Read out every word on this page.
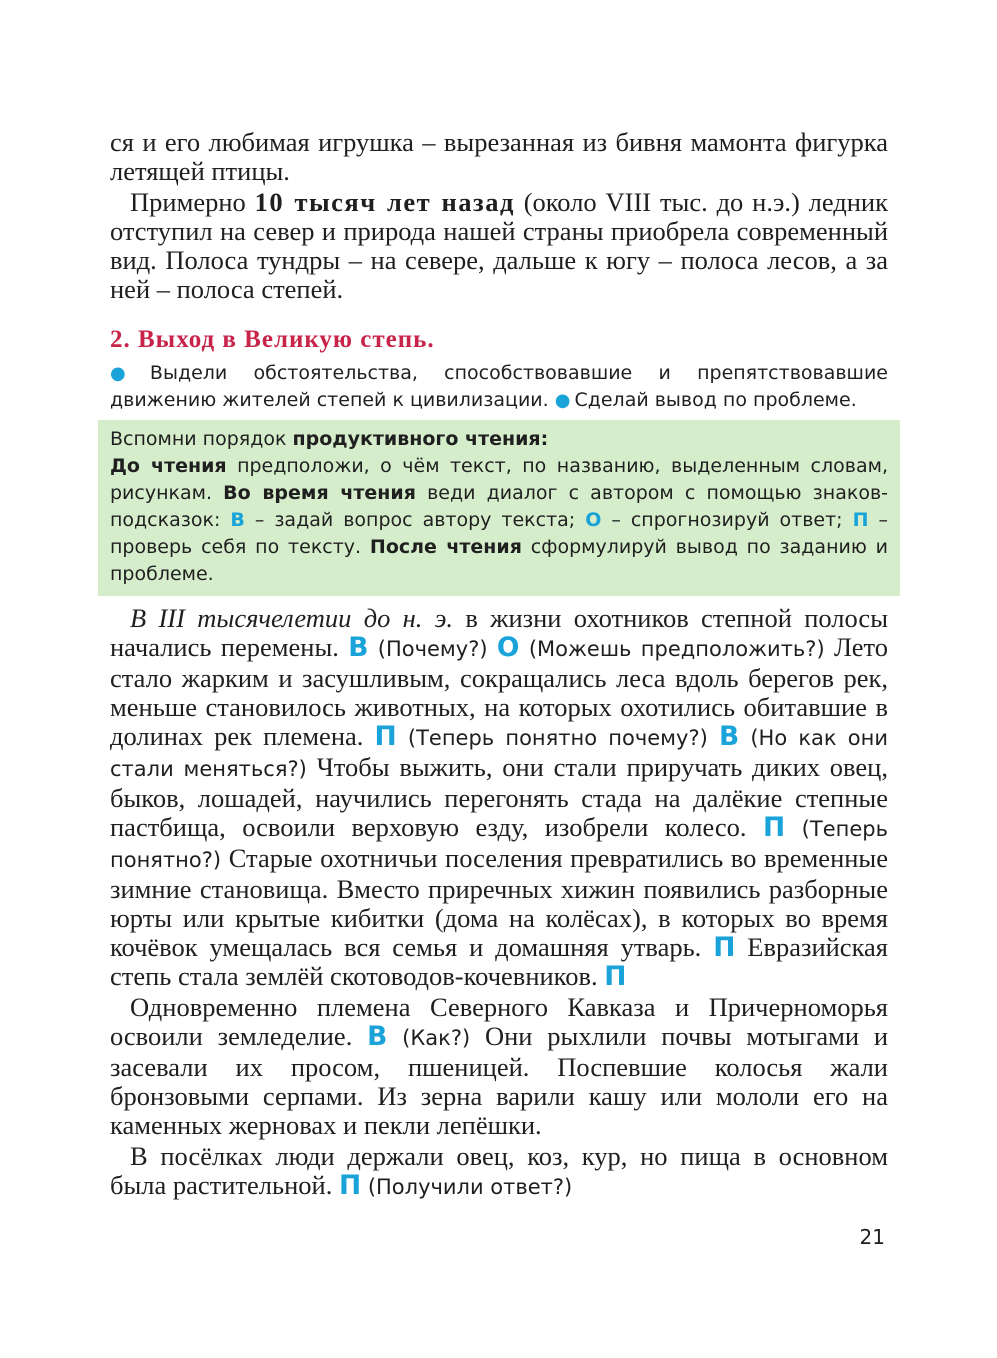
ся и его любимая игрушка – вырезанная из бивня мамонта фигурка летящей птицы.

Примерно 10 тысяч лет назад (около VIII тыс. до н.э.) ледник отступил на север и природа нашей страны приобрела современный вид. Полоса тундры – на севере, дальше к югу – полоса лесов, а за ней – полоса степей.

2. Выход в Великую степь.

● Выдели обстоятельства, способствовавшие и препятствовавшие движению жителей степей к цивилизации. ● Сделай вывод по проблеме.

Вспомни порядок продуктивного чтения:
До чтения предположи, о чём текст, по названию, выделенным словам, рисункам. Во время чтения веди диалог с автором с помощью знаков-подсказок: В – задай вопрос автору текста; О – спрогнозируй ответ; П – проверь себя по тексту. После чтения сформулируй вывод по заданию и проблеме.

В III тысячелетии до н. э. в жизни охотников степной полосы начались перемены. В (Почему?) О (Можешь предположить?) Лето стало жарким и засушливым, сокращались леса вдоль берегов рек, меньше становилось животных, на которых охотились обитавшие в долинах рек племена. П (Теперь понятно почему?) В (Но как они стали меняться?) Чтобы выжить, они стали приручать диких овец, быков, лошадей, научились перегонять стада на далёкие степные пастбища, освоили верховую езду, изобрели колесо. П (Теперь понятно?) Старые охотничьи поселения превратились во временные зимние становища. Вместо приречных хижин появились разборные юрты или крытые кибитки (дома на колёсах), в которых во время кочёвок умещалась вся семья и домашняя утварь. П Евразийская степь стала землёй скотоводов-кочевников. П

Одновременно племена Северного Кавказа и Причерноморья освоили земледелие. В (Как?) Они рыхлили почвы мотыгами и засевали их просом, пшеницей. Поспевшие колосья жали бронзовыми серпами. Из зерна варили кашу или мололи его на каменных жерновах и пекли лепёшки.

В посёлках люди держали овец, коз, кур, но пища в основном была растительной. П (Получили ответ?)

21
